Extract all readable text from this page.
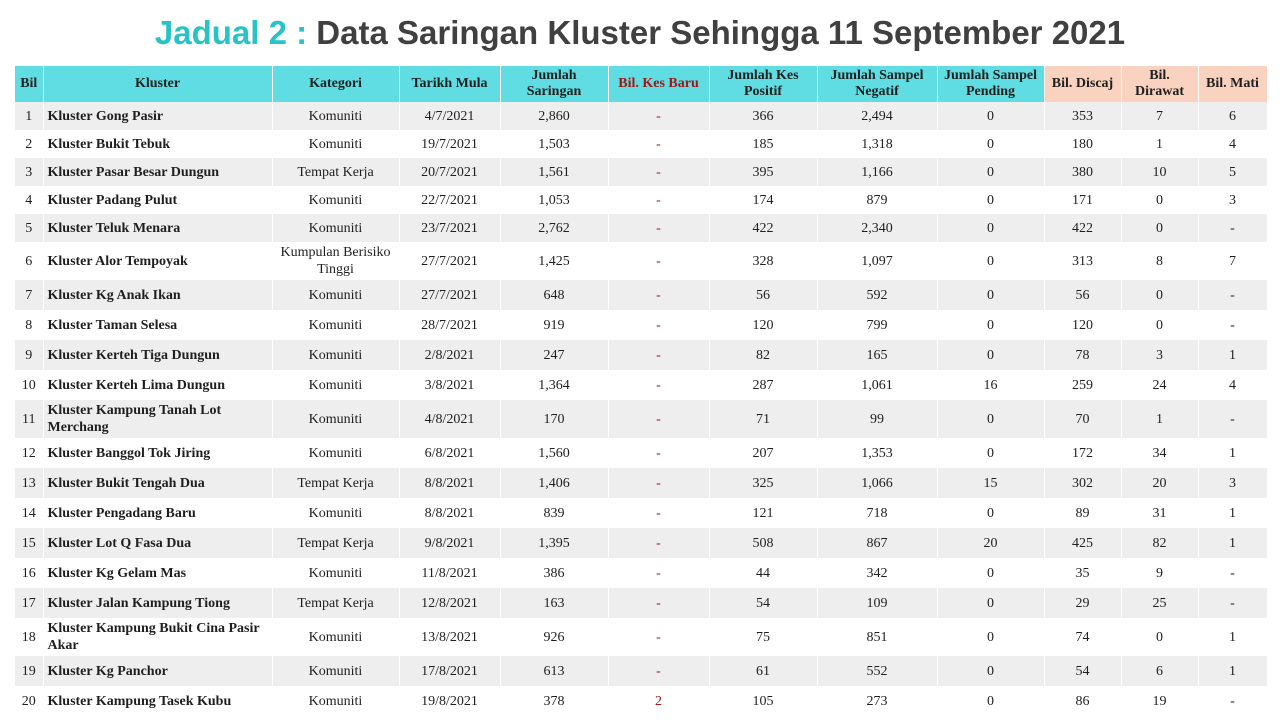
Jadual 2 : Data Saringan Kluster Sehingga 11 September 2021
Bil	Kluster	Kategori	Tarikh Mula	Jumlah Saringan	Bil. Kes Baru	Jumlah Kes Positif	Jumlah Sampel Negatif	Jumlah Sampel Pending	Bil. Discaj	Bil. Dirawat	Bil. Mati
1	Kluster Gong Pasir	Komuniti	4/7/2021	2,860	-	366	2,494	0	353	7	6
2	Kluster Bukit Tebuk	Komuniti	19/7/2021	1,503	-	185	1,318	0	180	1	4
3	Kluster Pasar Besar Dungun	Tempat Kerja	20/7/2021	1,561	-	395	1,166	0	380	10	5
4	Kluster Padang Pulut	Komuniti	22/7/2021	1,053	-	174	879	0	171	0	3
5	Kluster Teluk Menara	Komuniti	23/7/2021	2,762	-	422	2,340	0	422	0	-
6	Kluster Alor Tempoyak	Kumpulan Berisiko Tinggi	27/7/2021	1,425	-	328	1,097	0	313	8	7
7	Kluster Kg Anak Ikan	Komuniti	27/7/2021	648	-	56	592	0	56	0	-
8	Kluster Taman Selesa	Komuniti	28/7/2021	919	-	120	799	0	120	0	-
9	Kluster Kerteh Tiga Dungun	Komuniti	2/8/2021	247	-	82	165	0	78	3	1
10	Kluster Kerteh Lima Dungun	Komuniti	3/8/2021	1,364	-	287	1,061	16	259	24	4
11	Kluster Kampung Tanah Lot Merchang	Komuniti	4/8/2021	170	-	71	99	0	70	1	-
12	Kluster Banggol Tok Jiring	Komuniti	6/8/2021	1,560	-	207	1,353	0	172	34	1
13	Kluster Bukit Tengah Dua	Tempat Kerja	8/8/2021	1,406	-	325	1,066	15	302	20	3
14	Kluster Pengadang Baru	Komuniti	8/8/2021	839	-	121	718	0	89	31	1
15	Kluster Lot Q Fasa Dua	Tempat Kerja	9/8/2021	1,395	-	508	867	20	425	82	1
16	Kluster Kg Gelam Mas	Komuniti	11/8/2021	386	-	44	342	0	35	9	-
17	Kluster Jalan Kampung Tiong	Tempat Kerja	12/8/2021	163	-	54	109	0	29	25	-
18	Kluster Kampung Bukit Cina Pasir Akar	Komuniti	13/8/2021	926	-	75	851	0	74	0	1
19	Kluster Kg Panchor	Komuniti	17/8/2021	613	-	61	552	0	54	6	1
20	Kluster Kampung Tasek Kubu	Komuniti	19/8/2021	378	2	105	273	0	86	19	-
